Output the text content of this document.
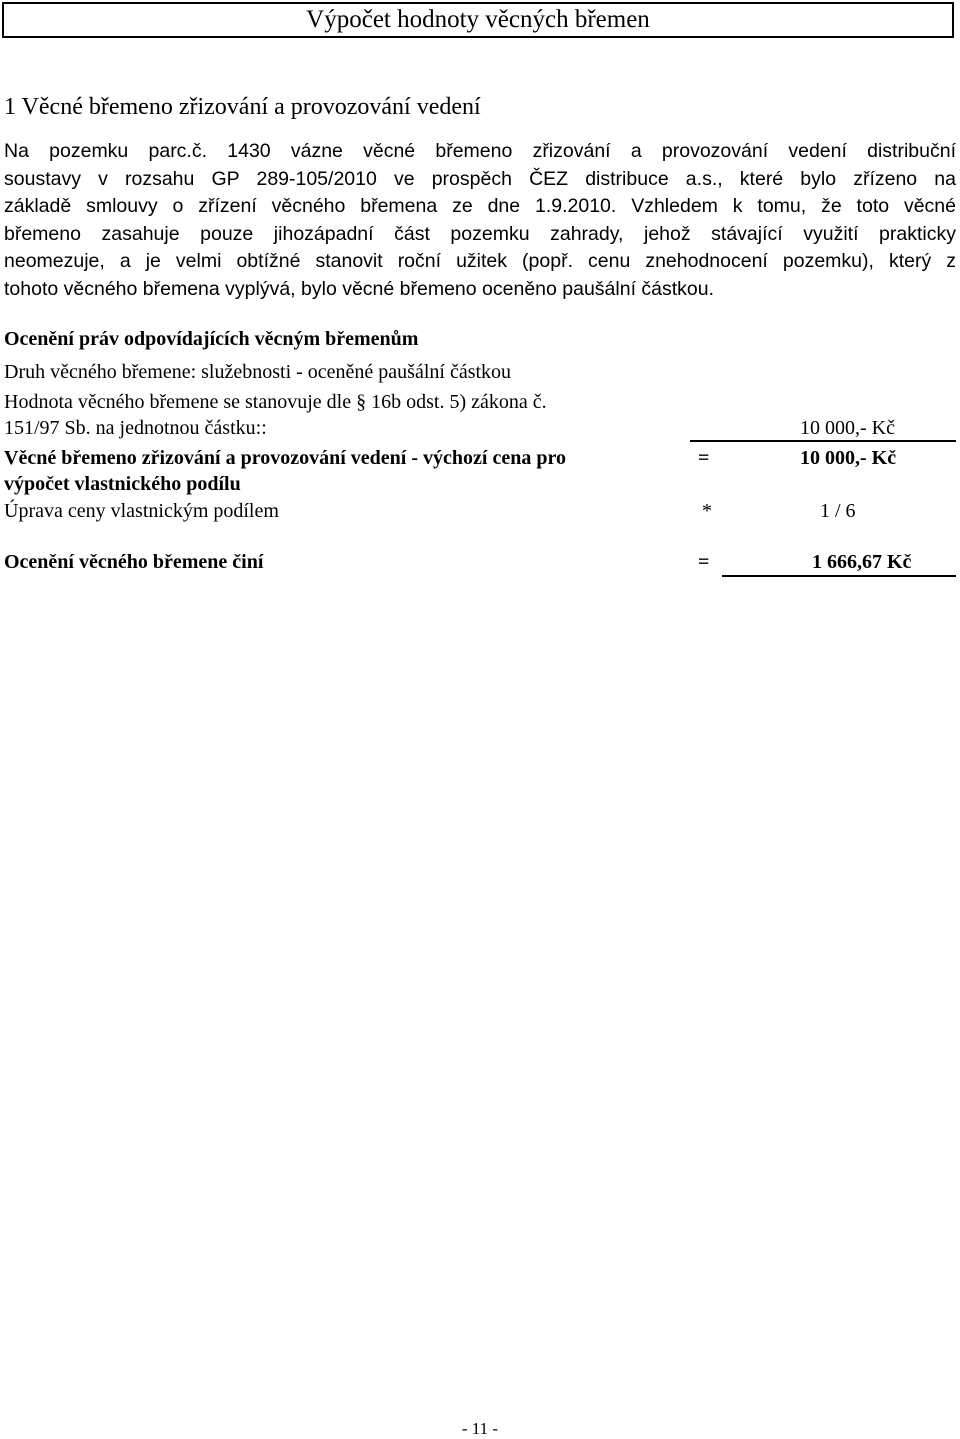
Výpočet hodnoty věcných břemen
1 Věcné břemeno zřizování a provozování vedení
Na pozemku parc.č. 1430 vázne věcné břemeno zřizování a provozování vedení distribuční
soustavy v rozsahu GP 289-105/2010 ve prospěch ČEZ distribuce a.s., které bylo zřízeno na
základě smlouvy o zřízení věcného břemena ze dne 1.9.2010. Vzhledem k tomu, že toto věcné
břemeno zasahuje pouze jihozápadní část pozemku zahrady, jehož stávající využití prakticky
neomezuje, a je velmi obtížné stanovit roční užitek (popř. cenu znehodnocení pozemku), který z
tohoto věcného břemena vyplývá, bylo věcné břemeno oceněno paušální částkou.
Ocenění práv odpovídajících věcným břemenům
Druh věcného břemene: služebnosti - oceněné paušální částkou
Hodnota věcného břemene se stanovuje dle § 16b odst. 5) zákona č.
151/97 Sb. na jednotnou částku::	10 000,- Kč
Věcné břemeno zřizování a provozování vedení - výchozí cena pro
výpočet vlastnického podílu
=	10 000,- Kč
Úprava ceny vlastnickým podílem	*	1 / 6
Ocenění věcného břemene činí	=	1 666,67 Kč
- 11 -
